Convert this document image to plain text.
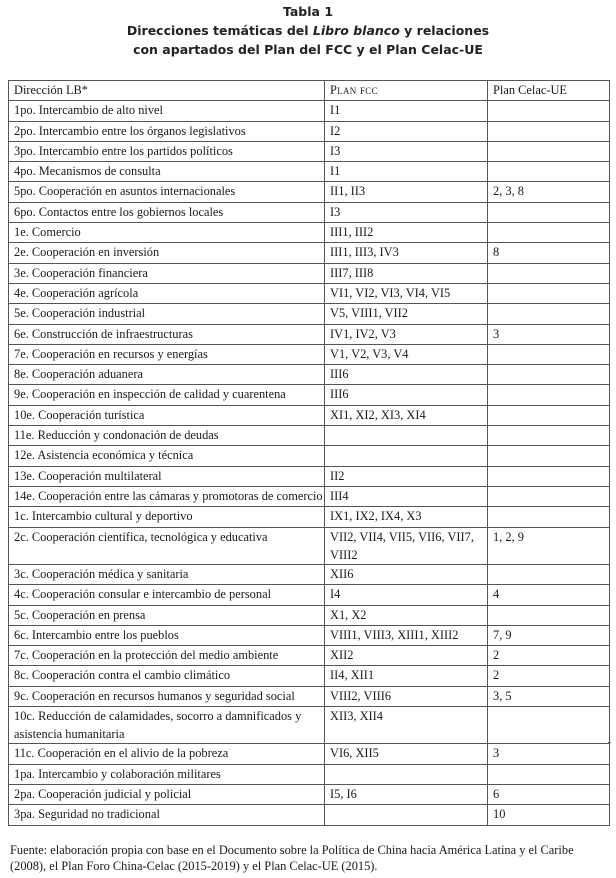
Tabla 1
Direcciones temáticas del Libro blanco y relaciones
con apartados del Plan del FCC y el Plan Celac-UE
Dirección LB*	Plan fcc	Plan Celac-UE
1po. Intercambio de alto nivel	I1	
2po. Intercambio entre los órganos legislativos	I2	
3po. Intercambio entre los partidos políticos	I3	
4po. Mecanismos de consulta	I1	
5po. Cooperación en asuntos internacionales	II1, II3	2, 3, 8
6po. Contactos entre los gobiernos locales	I3	
1e. Comercio	III1, III2	
2e. Cooperación en inversión	III1, III3, IV3	8
3e. Cooperación financiera	III7, III8	
4e. Cooperación agrícola	VI1, VI2, VI3, VI4, VI5	
5e. Cooperación industrial	V5, VIII1, VII2	
6e. Construcción de infraestructuras	IV1, IV2, V3	3
7e. Cooperación en recursos y energías	V1, V2, V3, V4	
8e. Cooperación aduanera	III6	
9e. Cooperación en inspección de calidad y cuarentena	III6	
10e. Cooperación turística	XI1, XI2, XI3, XI4	
11e. Reducción y condonación de deudas		
12e. Asistencia económica y técnica		
13e. Cooperación multilateral	II2	
14e. Cooperación entre las cámaras y promotoras de comercio	III4	
1c. Intercambio cultural y deportivo	IX1, IX2, IX4, X3	
2c. Cooperación científica, tecnológica y educativa	VII2, VII4, VII5, VII6, VII7, VIII2	1, 2, 9
3c. Cooperación médica y sanitaria	XII6	
4c. Cooperación consular e intercambio de personal	I4	4
5c. Cooperación en prensa	X1, X2	
6c. Intercambio entre los pueblos	VIII1, VIII3, XIII1, XIII2	7, 9
7c. Cooperación en la protección del medio ambiente	XII2	2
8c. Cooperación contra el cambio climático	II4, XII1	2
9c. Cooperación en recursos humanos y seguridad social	VIII2, VIII6	3, 5
10c. Reducción de calamidades, socorro a damnificados y asistencia humanitaria	XII3, XII4	
11c. Cooperación en el alivio de la pobreza	VI6, XII5	3
1pa. Intercambio y colaboración militares		
2pa. Cooperación judicial y policial	I5, I6	6
3pa. Seguridad no tradicional		10
Fuente: elaboración propia con base en el Documento sobre la Política de China hacia América Latina y el Caribe (2008), el Plan Foro China-Celac (2015-2019) y el Plan Celac-UE (2015).
